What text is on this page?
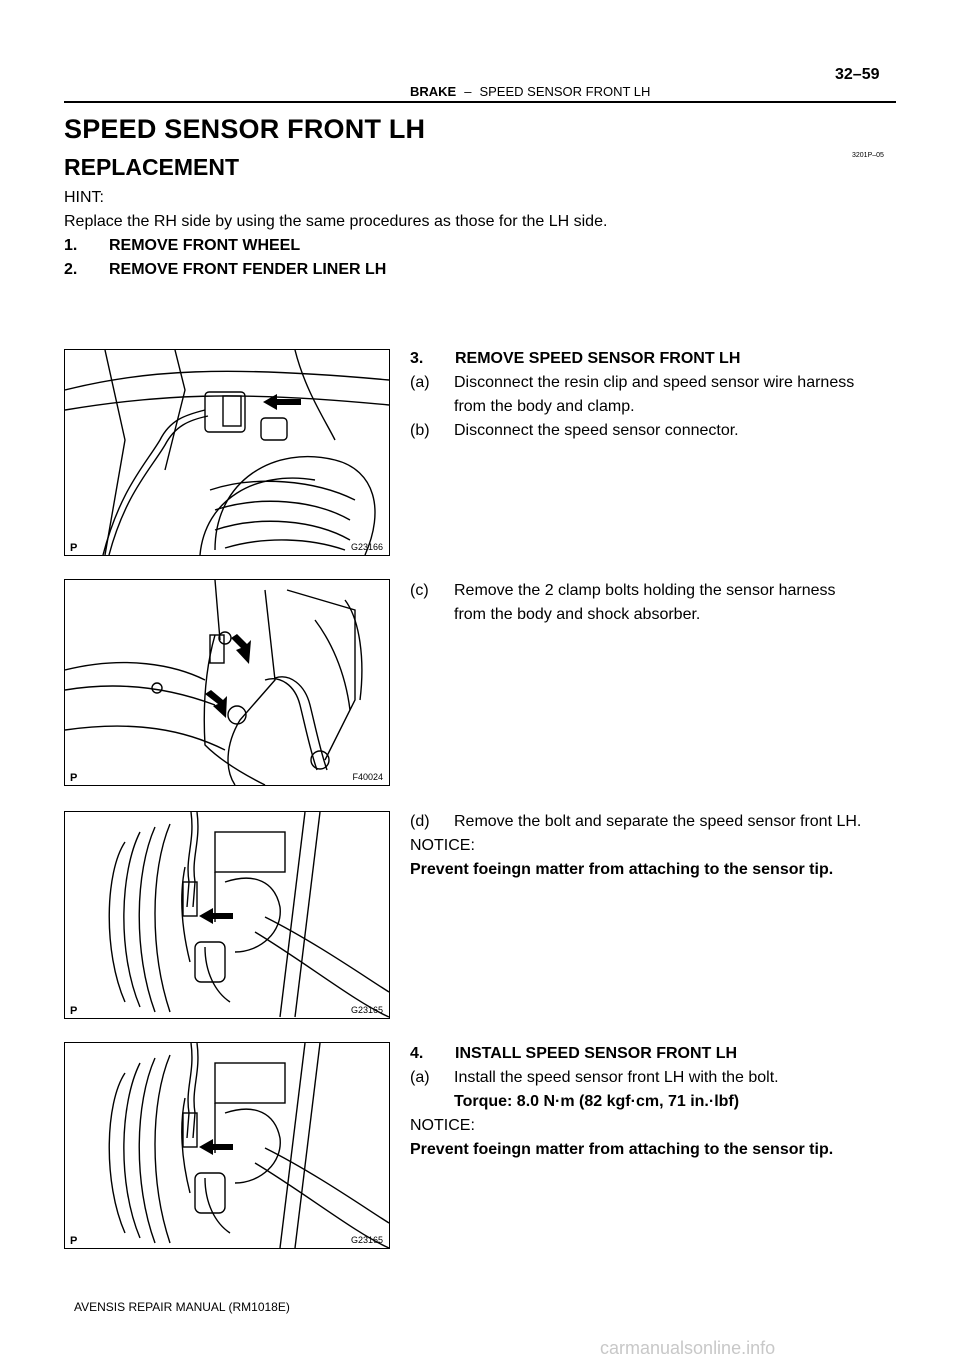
32–59
BRAKE – SPEED SENSOR FRONT LH
SPEED SENSOR FRONT LH
REPLACEMENT	3201P–05
HINT:
Replace the RH side by using the same procedures as those for the LH side.
1. REMOVE FRONT WHEEL
2. REMOVE FRONT FENDER LINER LH
P	G23166
P	F40024
P	G23165
P	G23165
3. REMOVE SPEED SENSOR FRONT LH
(a) Disconnect the resin clip and speed sensor wire harness
from the body and clamp.
(b) Disconnect the speed sensor connector.
(c) Remove the 2 clamp bolts holding the sensor harness
from the body and shock absorber.
(d) Remove the bolt and separate the speed sensor front LH.
NOTICE:
Prevent foeingn matter from attaching to the sensor tip.
4. INSTALL SPEED SENSOR FRONT LH
(a) Install the speed sensor front LH with the bolt.
Torque: 8.0 N·m (82 kgf·cm, 71 in.·lbf)
NOTICE:
Prevent foeingn matter from attaching to the sensor tip.
AVENSIS REPAIR MANUAL (RM1018E)
carmanualsonline.info
